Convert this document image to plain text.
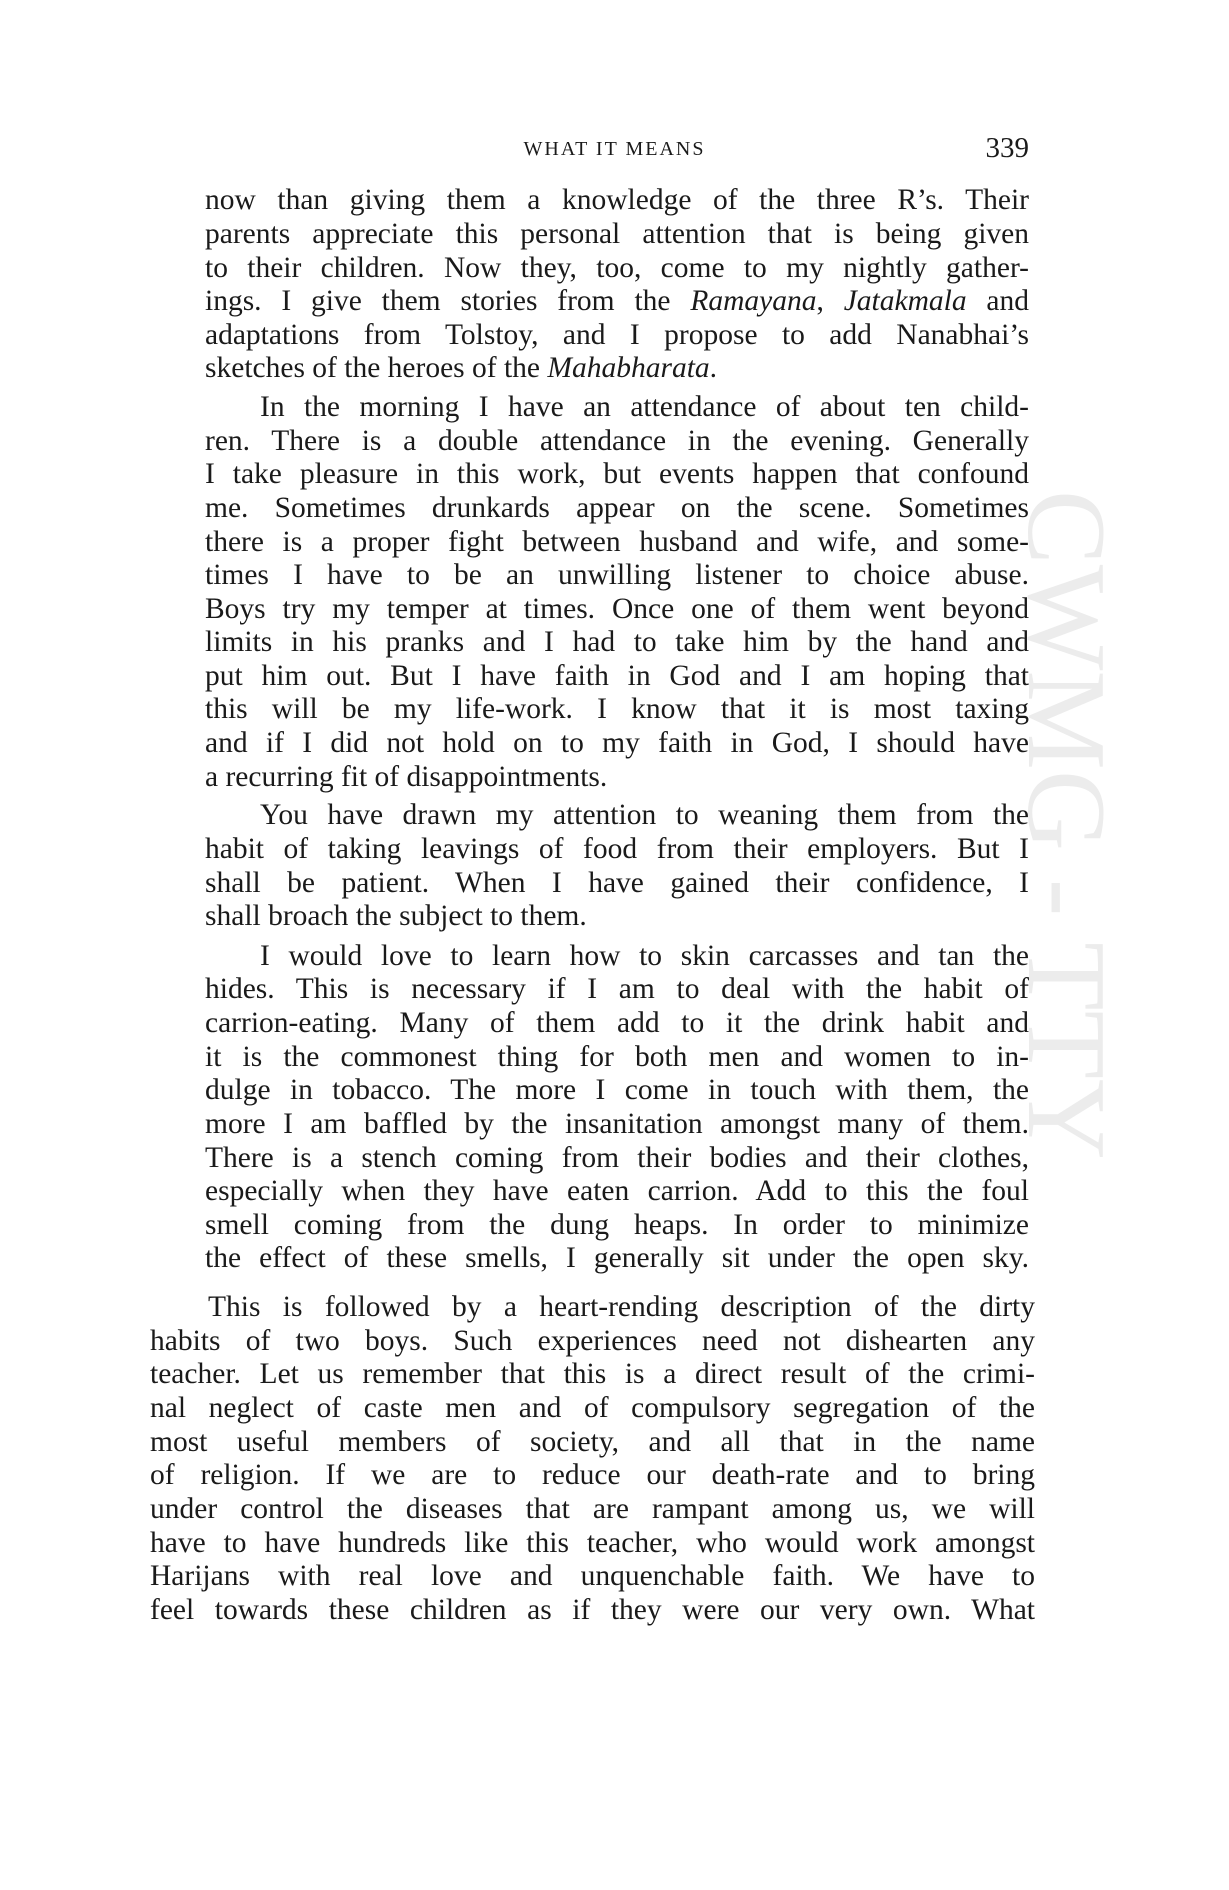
CWMG - TTY
WHAT IT MEANS	339
now than giving them a knowledge of the three R’s. Their
parents appreciate this personal attention that is being given
to their children. Now they, too, come to my nightly gather-
ings. I give them stories from the Ramayana, Jatakmala and
adaptations from Tolstoy, and I propose to add Nanabhai’s
sketches of the heroes of the Mahabharata.
In the morning I have an attendance of about ten child-
ren. There is a double attendance in the evening. Generally
I take pleasure in this work, but events happen that confound
me. Sometimes drunkards appear on the scene. Sometimes
there is a proper fight between husband and wife, and some-
times I have to be an unwilling listener to choice abuse.
Boys try my temper at times. Once one of them went beyond
limits in his pranks and I had to take him by the hand and
put him out. But I have faith in God and I am hoping that
this will be my life-work. I know that it is most taxing
and if I did not hold on to my faith in God, I should have
a recurring fit of disappointments.
You have drawn my attention to weaning them from the
habit of taking leavings of food from their employers. But I
shall be patient. When I have gained their confidence, I
shall broach the subject to them.
I would love to learn how to skin carcasses and tan the
hides. This is necessary if I am to deal with the habit of
carrion-eating. Many of them add to it the drink habit and
it is the commonest thing for both men and women to in-
dulge in tobacco. The more I come in touch with them, the
more I am baffled by the insanitation amongst many of them.
There is a stench coming from their bodies and their clothes,
especially when they have eaten carrion. Add to this the foul
smell coming from the dung heaps. In order to minimize
the effect of these smells, I generally sit under the open sky.
This is followed by a heart-rending description of the dirty
habits of two boys. Such experiences need not dishearten any
teacher. Let us remember that this is a direct result of the crimi-
nal neglect of caste men and of compulsory segregation of the
most useful members of society, and all that in the name
of religion. If we are to reduce our death-rate and to bring
under control the diseases that are rampant among us, we will
have to have hundreds like this teacher, who would work amongst
Harijans with real love and unquenchable faith. We have to
feel towards these children as if they were our very own. What
